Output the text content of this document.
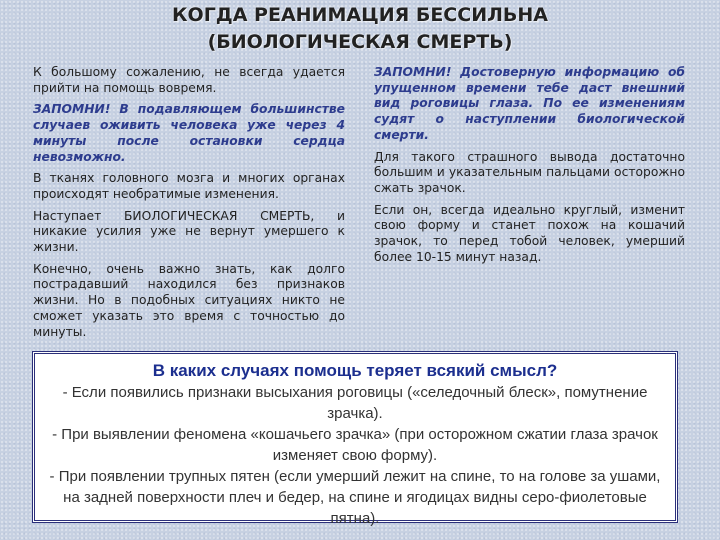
КОГДА РЕАНИМАЦИЯ БЕССИЛЬНА
(БИОЛОГИЧЕСКАЯ СМЕРТЬ)

К большому сожалению, не всегда удается прийти на помощь вовремя.

ЗАПОМНИ! В подавляющем большинстве случаев оживить человека уже через 4 минуты после остановки сердца невозможно.

В тканях головного мозга и многих органах происходят необратимые изменения.

Наступает БИОЛОГИЧЕСКАЯ СМЕРТЬ, и никакие усилия уже не вернут умершего к жизни.

Конечно, очень важно знать, как долго пострадавший находился без признаков жизни. Но в подобных ситуациях никто не сможет указать это время с точностью до минуты.

ЗАПОМНИ! Достоверную информацию об упущенном времени тебе даст внешний вид роговицы глаза. По ее изменениям судят о наступлении биологической смерти.

Для такого страшного вывода достаточно большим и указательным пальцами осторожно сжать зрачок.

Если он, всегда идеально круглый, изменит свою форму и станет похож на кошачий зрачок, то перед тобой человек, умерший более 10-15 минут назад.

В каких случаях помощь теряет всякий смысл?
- Если появились признаки высыхания роговицы («селедочный блеск», помутнение зрачка).
- При выявлении феномена «кошачьего зрачка» (при осторожном сжатии глаза зрачок изменяет свою форму).
- При появлении трупных пятен (если умерший лежит на спине, то на голове за ушами, на задней поверхности плеч и бедер, на спине и ягодицах видны серо-фиолетовые пятна).
